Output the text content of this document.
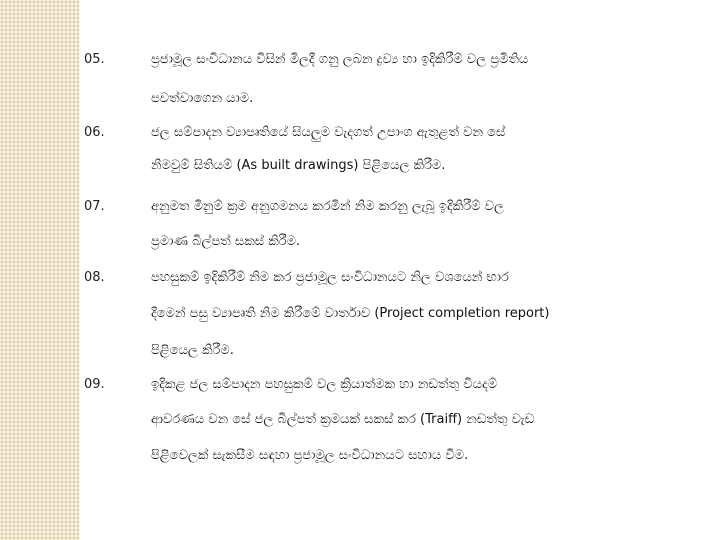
05.	ප්‍රජාමූල සංවිධානය විසින් මිලදී ගනු ලබන ද්‍රව්‍ය හා ඉදිකිරීම් වල ප්‍රමිතිය
පවත්වාගෙන යාම.
06.	ජල සම්පාදන ව්‍යාපෘතියේ සියලුම වැදගත් උපාංග ඇතුළත් වන සේ
නිමවුම් සිතියම් (As built drawings) පිළියෙල කිරීම.
07.	අනුමත මිනුම් ක්‍රම අනුගමනය කරමින් නිම කරනු ලැබූ ඉදිකිරීම් වල
ප්‍රමාණ බිල්පත් සකස් කිරීම.
08.	පහසුකම් ඉදිකිරීම් නිම කර ප්‍රජාමූල සංවිධානයට නිල වශයෙන් භාර
දීමෙන් පසු ව්‍යාපෘති නිම කිරීමේ වාර්තාව (Project completion report)
පිළියෙල කිරීම.
09.	ඉදිකළ ජල සම්පාදන පහසුකම් වල ක්‍රියාත්මක හා නඩත්තු වියදම්
ආවරණය වන සේ ජල බිල්පත් ක්‍රමයක් සකස් කර (Traiff) නඩත්තු වැඩ
පිළිවෙලක් සැකසීම සඳහා ප්‍රජාමූල සංවිධානයට සහාය වීම.
